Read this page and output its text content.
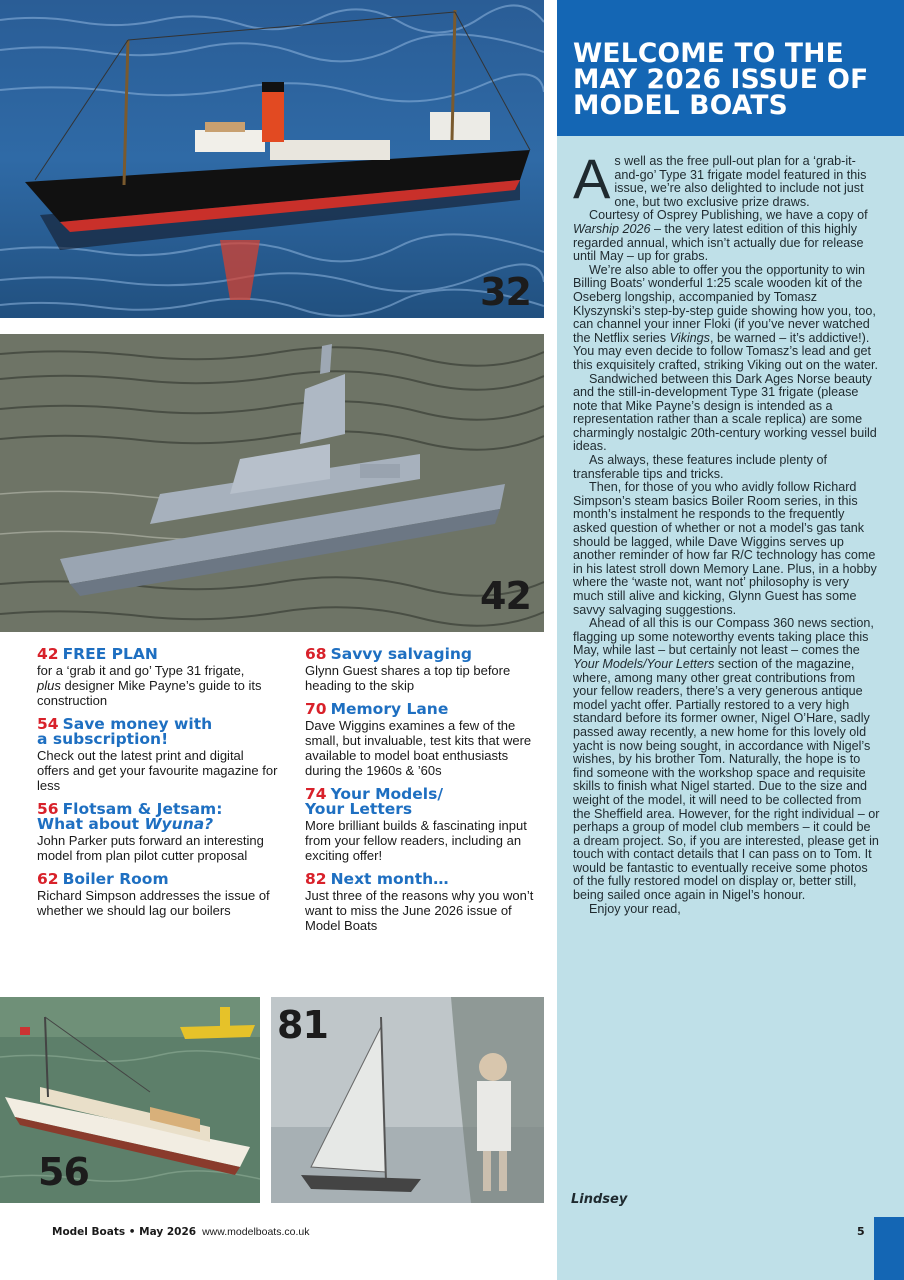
32
42
42 FREE PLAN
for a ‘grab it and go’ Type 31 frigate,
plus designer Mike Payne’s guide to its construction
54 Save money with
a subscription!
Check out the latest print and digital offers and get your favourite magazine for less
56 Flotsam & Jetsam:
What about Wyuna?
John Parker puts forward an interesting model from plan pilot cutter proposal
62 Boiler Room
Richard Simpson addresses the issue of whether we should lag our boilers
68 Savvy salvaging
Glynn Guest shares a top tip before heading to the skip
70 Memory Lane
Dave Wiggins examines a few of the small, but invaluable, test kits that were available to model boat enthusiasts during the 1960s & ’60s
74 Your Models/
Your Letters
More brilliant builds & fascinating input from your fellow readers, including an exciting offer!
82 Next month…
Just three of the reasons why you won’t want to miss the June 2026 issue of Model Boats
56
81
WELCOME TO THE MAY 2026 ISSUE OF MODEL BOATS

As well as the free pull-out plan for a ‘grab-it-and-go’ Type 31 frigate model featured in this issue, we’re also delighted to include not just one, but two exclusive prize draws.

Courtesy of Osprey Publishing, we have a copy of Warship 2026 – the very latest edition of this highly regarded annual, which isn’t actually due for release until May – up for grabs.

We’re also able to offer you the opportunity to win Billing Boats’ wonderful 1:25 scale wooden kit of the Oseberg longship, accompanied by Tomasz Klyszynski’s step-by-step guide showing how you, too, can channel your inner Floki (if you’ve never watched the Netflix series Vikings, be warned – it’s addictive!). You may even decide to follow Tomasz’s lead and get this exquisitely crafted, striking Viking out on the water.

Sandwiched between this Dark Ages Norse beauty and the still-in-development Type 31 frigate (please note that Mike Payne’s design is intended as a representation rather than a scale replica) are some charmingly nostalgic 20th-century working vessel build ideas.

As always, these features include plenty of transferable tips and tricks.

Then, for those of you who avidly follow Richard Simpson’s steam basics Boiler Room series, in this month’s instalment he responds to the frequently asked question of whether or not a model’s gas tank should be lagged, while Dave Wiggins serves up another reminder of how far R/C technology has come in his latest stroll down Memory Lane. Plus, in a hobby where the ‘waste not, want not’ philosophy is very much still alive and kicking, Glynn Guest has some savvy salvaging suggestions.

Ahead of all this is our Compass 360 news section, flagging up some noteworthy events taking place this May, while last – but certainly not least – comes the Your Models/Your Letters section of the magazine, where, among many other great contributions from your fellow readers, there’s a very generous antique model yacht offer. Partially restored to a very high standard before its former owner, Nigel O’Hare, sadly passed away recently, a new home for this lovely old yacht is now being sought, in accordance with Nigel’s wishes, by his brother Tom. Naturally, the hope is to find someone with the workshop space and requisite skills to finish what Nigel started. Due to the size and weight of the model, it will need to be collected from the Sheffield area. However, for the right individual – or perhaps a group of model club members – it could be a dream project. So, if you are interested, please get in touch with contact details that I can pass on to Tom. It would be fantastic to eventually receive some photos of the fully restored model on display or, better still, being sailed once again in Nigel’s honour.

Enjoy your read,

Lindsey
Model Boats • May 2026 www.modelboats.co.uk	5
